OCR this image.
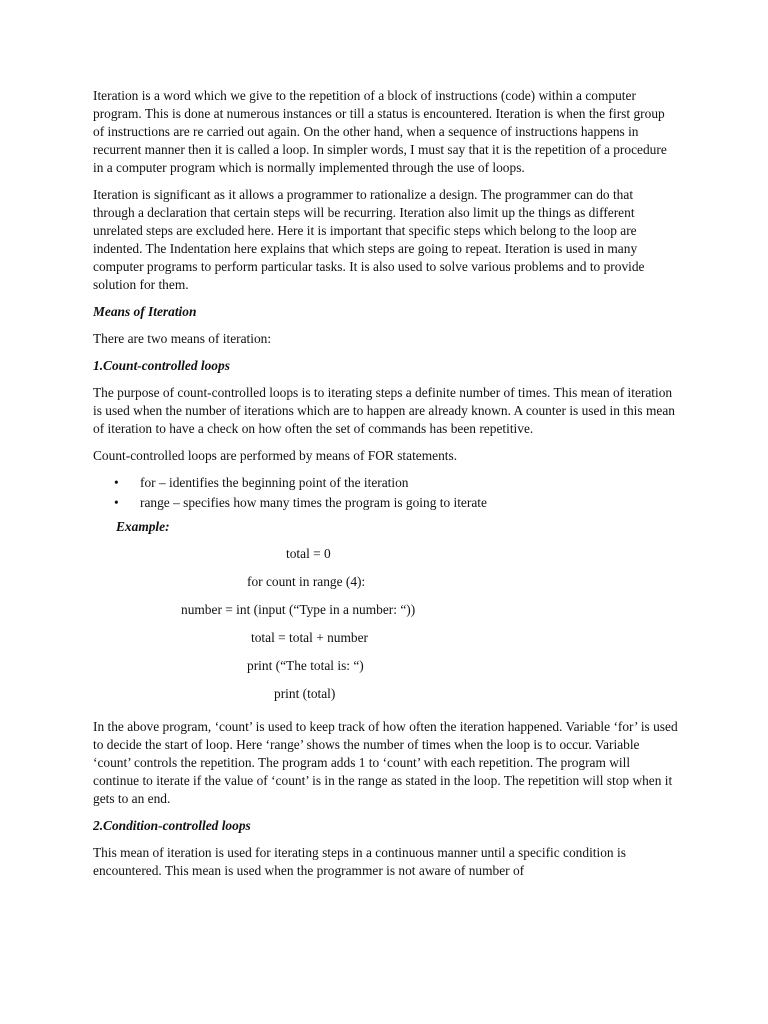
Iteration is a word which we give to the repetition of a block of instructions (code) within a computer program. This is done at numerous instances or till a status is encountered. Iteration is when the first group of instructions are re carried out again. On the other hand, when a sequence of instructions happens in recurrent manner then it is called a loop. In simpler words, I must say that it is the repetition of a procedure in a computer program which is normally implemented through the use of loops.

Iteration is significant as it allows a programmer to rationalize a design. The programmer can do that through a declaration that certain steps will be recurring. Iteration also limit up the things as different unrelated steps are excluded here. Here it is important that specific steps which belong to the loop are indented. The Indentation here explains that which steps are going to repeat. Iteration is used in many computer programs to perform particular tasks. It is also used to solve various problems and to provide solution for them.

Means of Iteration

There are two means of iteration:

1.Count-controlled loops

The purpose of count-controlled loops is to iterating steps a definite number of times. This mean of iteration is used when the number of iterations which are to happen are already known. A counter is used in this mean of iteration to have a check on how often the set of commands has been repetitive.

Count-controlled loops are performed by means of FOR statements.

• for – identifies the beginning point of the iteration
• range – specifies how many times the program is going to iterate

Example:

total = 0
for count in range (4):
number = int (input (“Type in a number: “))
total = total + number
print (“The total is: “)
print (total)

In the above program, ‘count’ is used to keep track of how often the iteration happened. Variable ‘for’ is used to decide the start of loop. Here ‘range’ shows the number of times when the loop is to occur. Variable ‘count’ controls the repetition. The program adds 1 to ‘count’ with each repetition. The program will continue to iterate if the value of ‘count’ is in the range as stated in the loop. The repetition will stop when it gets to an end.

2.Condition-controlled loops

This mean of iteration is used for iterating steps in a continuous manner until a specific condition is encountered. This mean is used when the programmer is not aware of number of
